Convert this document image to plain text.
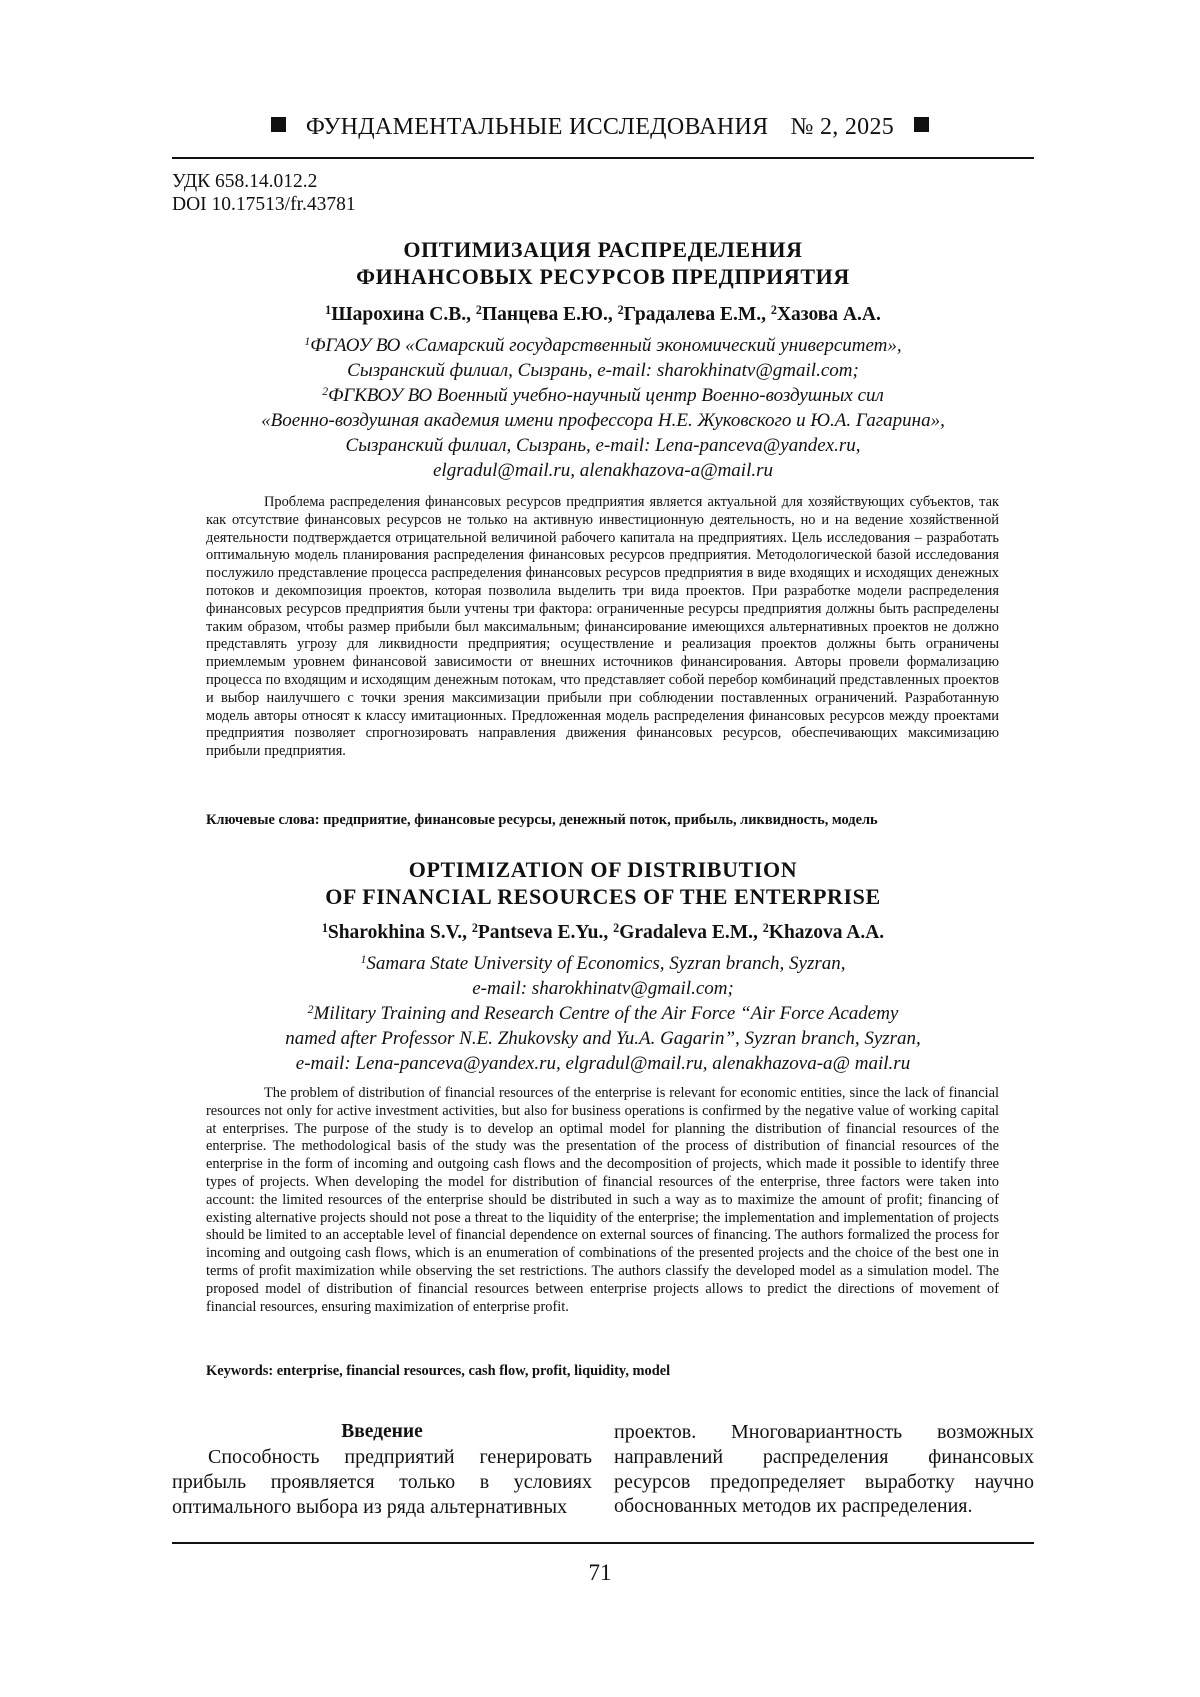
ФУНДАМЕНТАЛЬНЫЕ ИССЛЕДОВАНИЯ № 2, 2025
УДК 658.14.012.2
DOI 10.17513/fr.43781
ОПТИМИЗАЦИЯ РАСПРЕДЕЛЕНИЯ
ФИНАНСОВЫХ РЕСУРСОВ ПРЕДПРИЯТИЯ
$^1$Шарохина С.В., $^2$Панцева Е.Ю., $^2$Градалева Е.М., $^2$Хазова А.А.
$^1$ФГАОУ ВО «Самарский государственный экономический университет»,
Сызранский филиал, Сызрань, e-mail: sharokhinatv@gmail.com;
$^2$ФГКВОУ ВО Военный учебно-научный центр Военно-воздушных сил
«Военно-воздушная академия имени профессора Н.Е. Жуковского и Ю.А. Гагарина»,
Сызранский филиал, Сызрань, e-mail: Lena-panceva@yandex.ru,
elgradul@mail.ru, alenakhazova-a@mail.ru
Проблема распределения финансовых ресурсов предприятия является актуальной для хозяйствующих субъектов, так как отсутствие финансовых ресурсов не только на активную инвестиционную деятельность, но и на ведение хозяйственной деятельности подтверждается отрицательной величиной рабочего капитала на предприятиях. Цель исследования – разработать оптимальную модель планирования распределения финансовых ресурсов предприятия. Методологической базой исследования послужило представление процесса распределения финансовых ресурсов предприятия в виде входящих и исходящих денежных потоков и декомпозиция проектов, которая позволила выделить три вида проектов. При разработке модели распределения финансовых ресурсов предприятия были учтены три фактора: ограниченные ресурсы предприятия должны быть распределены таким образом, чтобы размер прибыли был максимальным; финансирование имеющихся альтернативных проектов не должно представлять угрозу для ликвидности предприятия; осуществление и реализация проектов должны быть ограничены приемлемым уровнем финансовой зависимости от внешних источников финансирования. Авторы провели формализацию процесса по входящим и исходящим денежным потокам, что представляет собой перебор комбинаций представленных проектов и выбор наилучшего с точки зрения максимизации прибыли при соблюдении поставленных ограничений. Разработанную модель авторы относят к классу имитационных. Предложенная модель распределения финансовых ресурсов между проектами предприятия позволяет спрогнозировать направления движения финансовых ресурсов, обеспечивающих максимизацию прибыли предприятия.
Ключевые слова: предприятие, финансовые ресурсы, денежный поток, прибыль, ликвидность, модель
OPTIMIZATION OF DISTRIBUTION
OF FINANCIAL RESOURCES OF THE ENTERPRISE
$^1$Sharokhina S.V., $^2$Pantseva E.Yu., $^2$Gradaleva E.M., $^2$Khazova A.A.
$^1$Samara State University of Economics, Syzran branch, Syzran,
e-mail: sharokhinatv@gmail.com;
$^2$Military Training and Research Centre of the Air Force “Air Force Academy
named after Professor N.E. Zhukovsky and Yu.A. Gagarin”, Syzran branch, Syzran,
e-mail: Lena-panceva@yandex.ru, elgradul@mail.ru, alenakhazova-a@ mail.ru
The problem of distribution of financial resources of the enterprise is relevant for economic entities, since the lack of financial resources not only for active investment activities, but also for business operations is confirmed by the negative value of working capital at enterprises. The purpose of the study is to develop an optimal model for planning the distribution of financial resources of the enterprise. The methodological basis of the study was the presentation of the process of distribution of financial resources of the enterprise in the form of incoming and outgoing cash flows and the decomposition of projects, which made it possible to identify three types of projects. When developing the model for distribution of financial resources of the enterprise, three factors were taken into account: the limited resources of the enterprise should be distributed in such a way as to maximize the amount of profit; financing of existing alternative projects should not pose a threat to the liquidity of the enterprise; the implementation and implementation of projects should be limited to an acceptable level of financial dependence on external sources of financing. The authors formalized the process for incoming and outgoing cash flows, which is an enumeration of combinations of the presented projects and the choice of the best one in terms of profit maximization while observing the set restrictions. The authors classify the developed model as a simulation model. The proposed model of distribution of financial resources between enterprise projects allows to predict the directions of movement of financial resources, ensuring maximization of enterprise profit.
Keywords: enterprise, financial resources, cash flow, profit, liquidity, model
Введение
Способность предприятий генерировать прибыль проявляется только в условиях оптимального выбора из ряда альтернативных
проектов. Многовариантность возможных направлений распределения финансовых ресурсов предопределяет выработку научно обоснованных методов их распределения.
71
